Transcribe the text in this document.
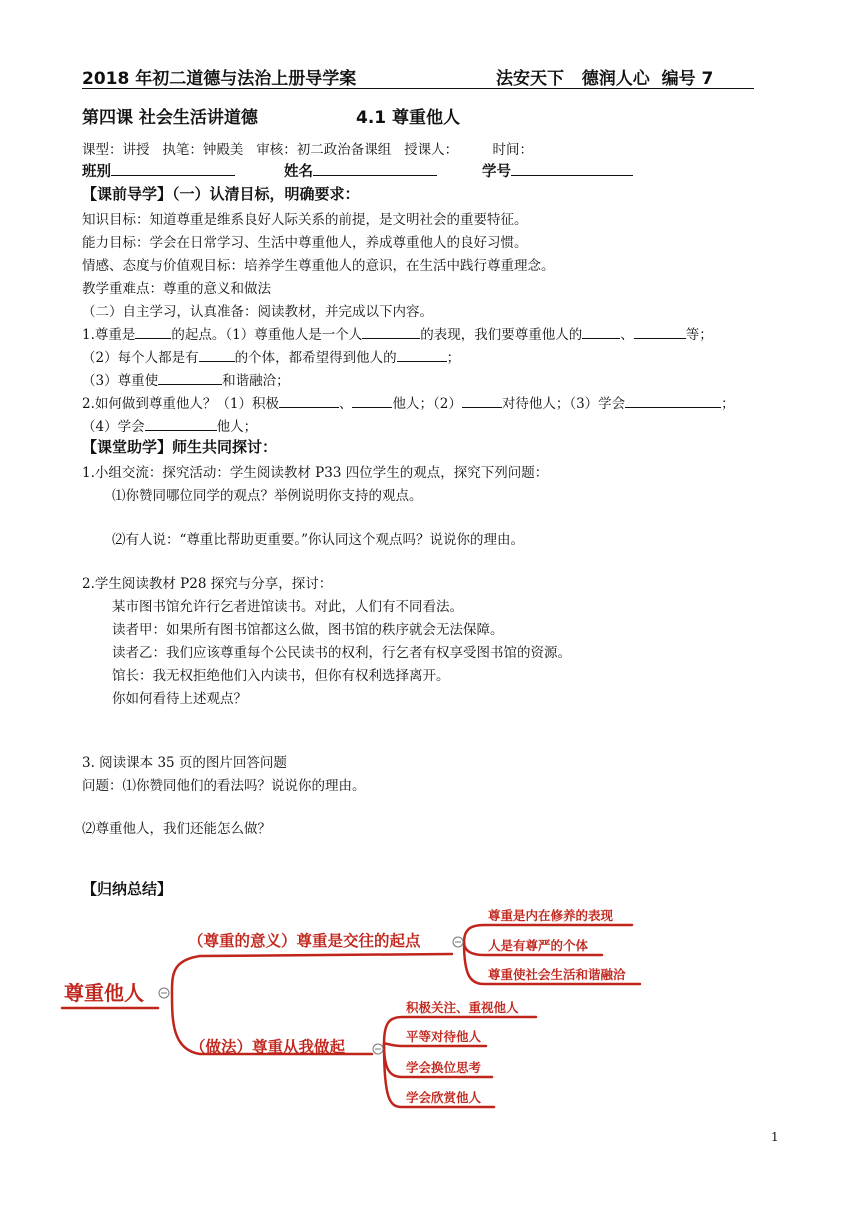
2018 年初二道德与法治上册导学案	法安天下   德润人心  编号 7
第四课 社会生活讲道德	4.1 尊重他人
课型：讲授   执笔：钟殿美   审核：初二政治备课组   授课人：        时间：
班别	姓名	学号
【课前导学】（一）认清目标，明确要求：
知识目标：知道尊重是维系良好人际关系的前提，是文明社会的重要特征。
能力目标：学会在日常学习、生活中尊重他人，养成尊重他人的良好习惯。
情感、态度与价值观目标：培养学生尊重他人的意识，在生活中践行尊重理念。
教学重难点：尊重的意义和做法
（二）自主学习，认真准备：阅读教材，并完成以下内容。
1.尊重是	的起点。（1）尊重他人是一个人	的表现，我们要尊重他人的	、	等；
（2）每个人都是有	的个体，都希望得到他人的	；
（3）尊重使	和谐融洽；
2.如何做到尊重他人？（1）积极	、	他人；（2）	对待他人；（3）学会	；
（4）学会	他人；
【课堂助学】师生共同探讨：
1.小组交流：探究活动：学生阅读教材 P33 四位学生的观点，探究下列问题：
⑴你赞同哪位同学的观点？举例说明你支持的观点。
⑵有人说：“尊重比帮助更重要。”你认同这个观点吗？说说你的理由。
2.学生阅读教材 P28 探究与分享，探讨：
某市图书馆允许行乞者进馆读书。对此，人们有不同看法。
读者甲：如果所有图书馆都这么做，图书馆的秩序就会无法保障。
读者乙：我们应该尊重每个公民读书的权利，行乞者有权享受图书馆的资源。
馆长：我无权拒绝他们入内读书，但你有权利选择离开。
你如何看待上述观点？
3. 阅读课本 35 页的图片回答问题
问题：⑴你赞同他们的看法吗？说说你的理由。
⑵尊重他人，我们还能怎么做？
【归纳总结】
尊重他人
（尊重的意义）尊重是交往的起点
（做法）尊重从我做起
尊重是内在修养的表现
人是有尊严的个体
尊重使社会生活和谐融洽
积极关注、重视他人
平等对待他人
学会换位思考
学会欣赏他人
1
